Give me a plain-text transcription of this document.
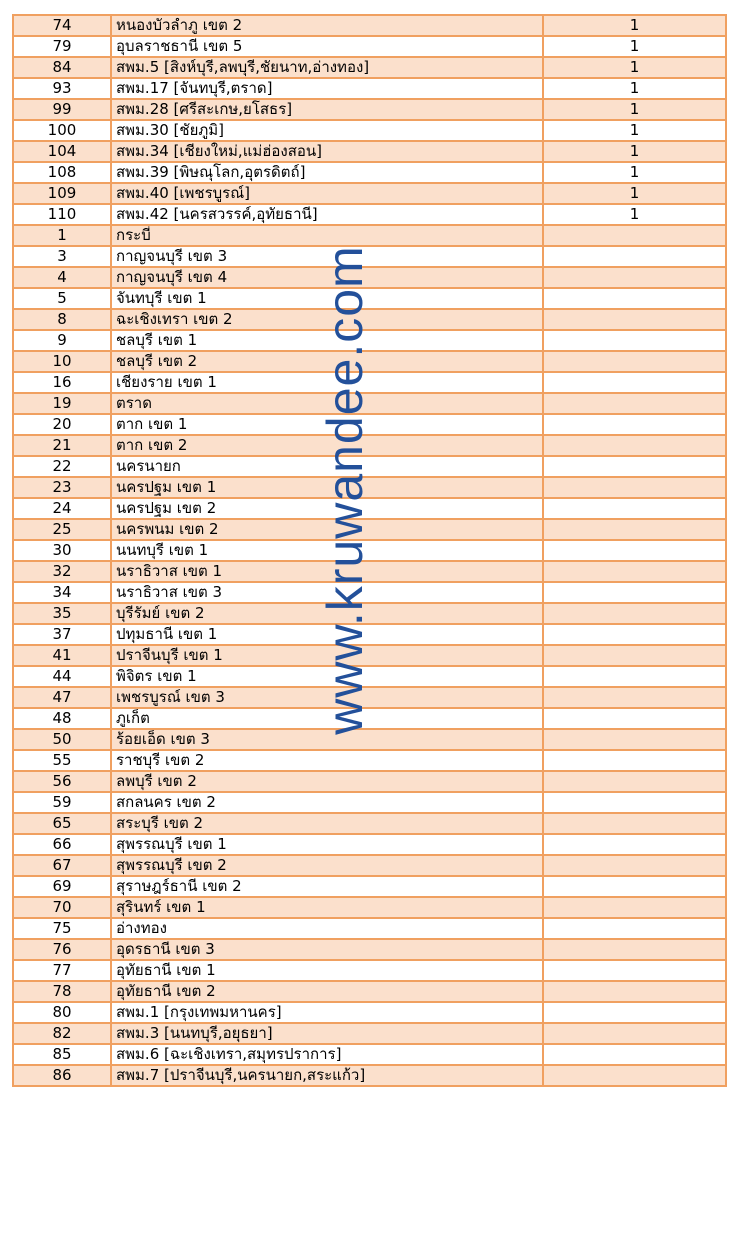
74	หนองบัวลำภู เขต 2	1
79	อุบลราชธานี เขต 5	1
84	สพม.5 [สิงห์บุรี,ลพบุรี,ชัยนาท,อ่างทอง]	1
93	สพม.17 [จันทบุรี,ตราด]	1
99	สพม.28 [ศรีสะเกษ,ยโสธร]	1
100	สพม.30 [ชัยภูมิ]	1
104	สพม.34 [เชียงใหม่,แม่ฮ่องสอน]	1
108	สพม.39 [พิษณุโลก,อุตรดิตถ์]	1
109	สพม.40 [เพชรบูรณ์]	1
110	สพม.42 [นครสวรรค์,อุทัยธานี]	1
1	กระบี่	
3	กาญจนบุรี เขต 3	
4	กาญจนบุรี เขต 4	
5	จันทบุรี เขต 1	
8	ฉะเชิงเทรา เขต 2	
9	ชลบุรี เขต 1	
10	ชลบุรี เขต 2	
16	เชียงราย เขต 1	
19	ตราด	
20	ตาก เขต 1	
21	ตาก เขต 2	
22	นครนายก	
23	นครปฐม เขต 1	
24	นครปฐม เขต 2	
25	นครพนม เขต 2	
30	นนทบุรี เขต 1	
32	นราธิวาส เขต 1	
34	นราธิวาส เขต 3	
35	บุรีรัมย์ เขต 2	
37	ปทุมธานี เขต 1	
41	ปราจีนบุรี เขต 1	
44	พิจิตร เขต 1	
47	เพชรบูรณ์ เขต 3	
48	ภูเก็ต	
50	ร้อยเอ็ด เขต 3	
55	ราชบุรี เขต 2	
56	ลพบุรี เขต 2	
59	สกลนคร เขต 2	
65	สระบุรี เขต 2	
66	สุพรรณบุรี เขต 1	
67	สุพรรณบุรี เขต 2	
69	สุราษฎร์ธานี เขต 2	
70	สุรินทร์ เขต 1	
75	อ่างทอง	
76	อุดรธานี เขต 3	
77	อุทัยธานี เขต 1	
78	อุทัยธานี เขต 2	
80	สพม.1 [กรุงเทพมหานคร]	
82	สพม.3 [นนทบุรี,อยุธยา]	
85	สพม.6 [ฉะเชิงเทรา,สมุทรปราการ]	
86	สพม.7 [ปราจีนบุรี,นครนายก,สระแก้ว]	
www.kruwandee.com
